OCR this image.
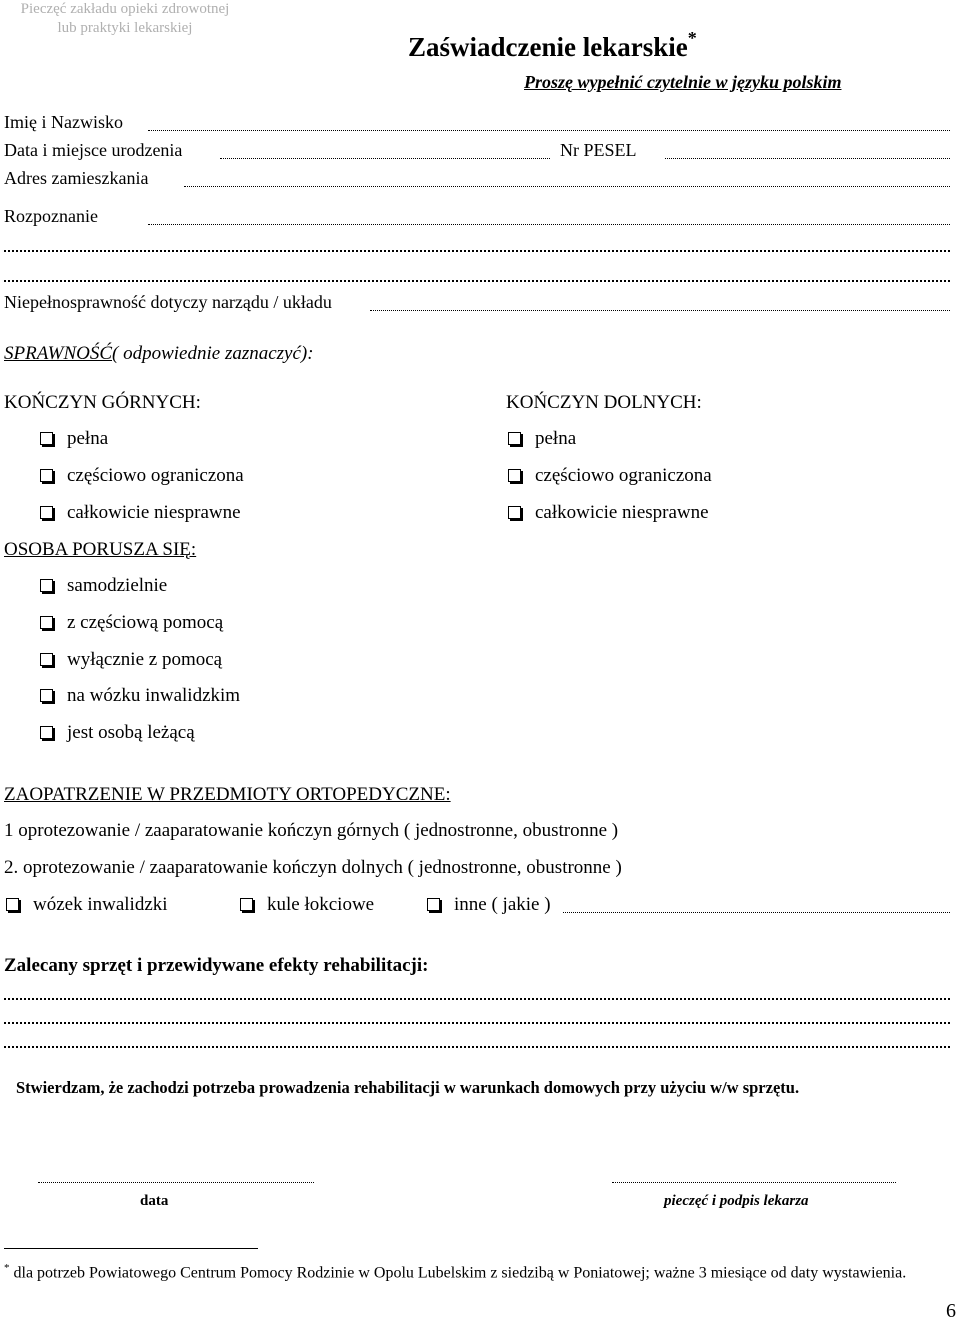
Pieczęć zakładu opieki zdrowotnej
lub praktyki lekarskiej
Zaświadczenie lekarskie*
Proszę wypełnić czytelnie w języku polskim
Imię i Nazwisko
Data i miejsce urodzenia	Nr PESEL
Adres zamieszkania
Rozpoznanie
Niepełnosprawność dotyczy narządu / układu
SPRAWNOŚĆ( odpowiednie zaznaczyć):
KOŃCZYN GÓRNYCH:
pełna
częściowo ograniczona
całkowicie niesprawne
KOŃCZYN DOLNYCH:
pełna
częściowo ograniczona
całkowicie niesprawne
OSOBA PORUSZA SIĘ:
samodzielnie
z częściową pomocą
wyłącznie z pomocą
na wózku inwalidzkim
jest osobą leżącą
ZAOPATRZENIE W PRZEDMIOTY ORTOPEDYCZNE:
1 oprotezowanie / zaaparatowanie kończyn górnych ( jednostronne, obustronne )
2. oprotezowanie / zaaparatowanie kończyn dolnych ( jednostronne, obustronne )
wózek inwalidzki	kule łokciowe	inne ( jakie )
Zalecany sprzęt i przewidywane efekty rehabilitacji:
Stwierdzam, że zachodzi potrzeba prowadzenia rehabilitacji w warunkach domowych przy użyciu w/w sprzętu.
data	pieczęć i podpis lekarza
* dla potrzeb Powiatowego Centrum Pomocy Rodzinie w Opolu Lubelskim z siedzibą w Poniatowej; ważne 3 miesiące od daty wystawienia.
6
